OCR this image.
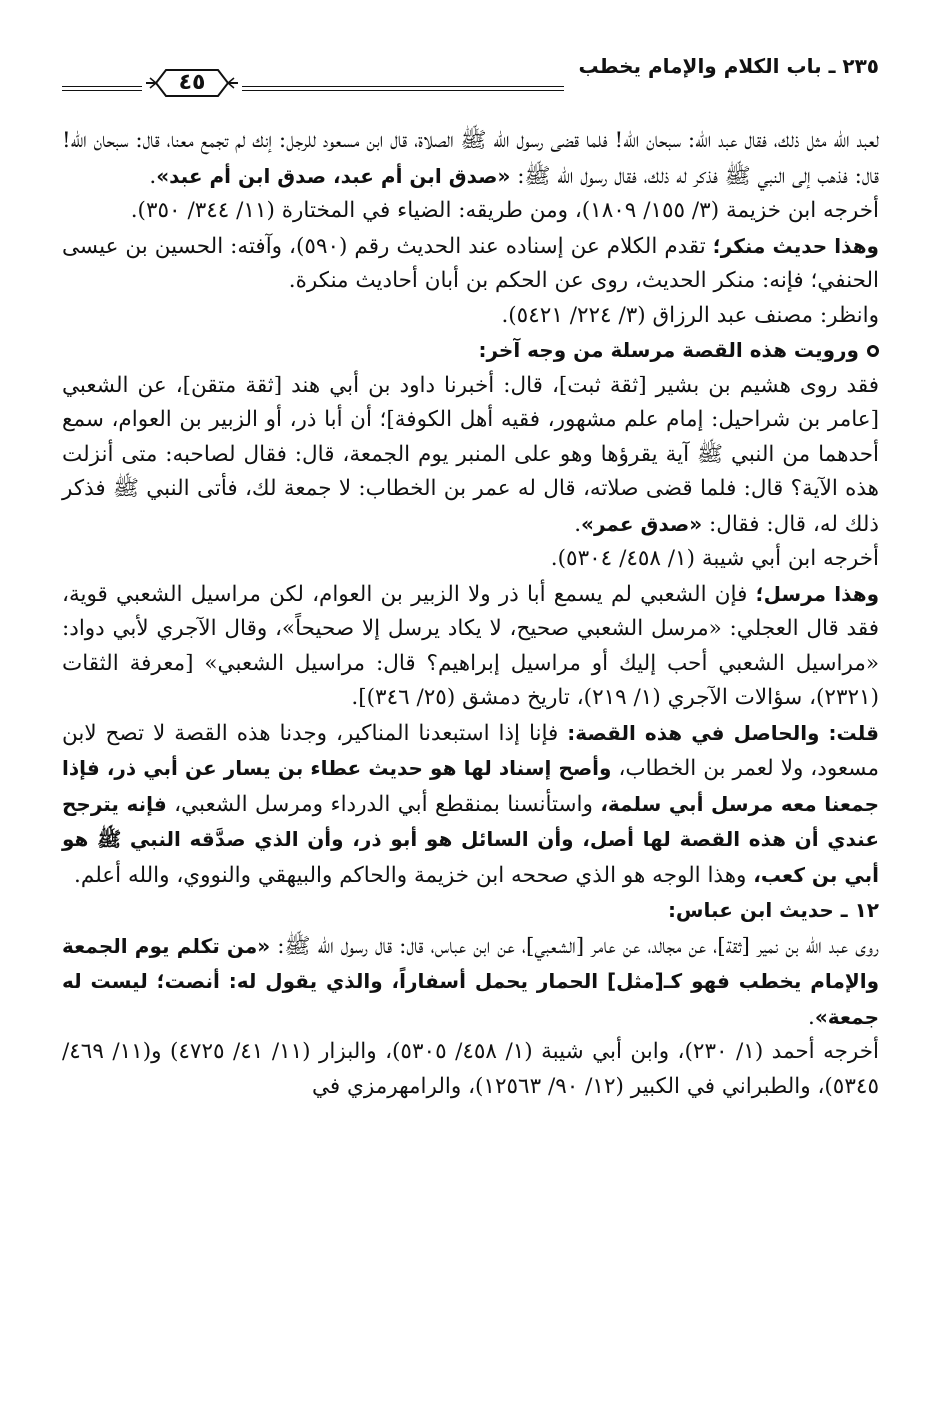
٢٣٥ ـ باب الكلام والإمام يخطب
٤٥

لعبد الله مثل ذلك، فقال عبد الله: سبحان الله! فلما قضى رسول الله ﷺ الصلاة، قال ابن مسعود للرجل: إنك لم تجمع معنا، قال: سبحان الله! قال: فذهب إلى النبي ﷺ فذكر له ذلك، فقال رسول الله ﷺ: «صدق ابن أم عبد، صدق ابن أم عبد».

أخرجه ابن خزيمة (٣/ ١٥٥/ ١٨٠٩)، ومن طريقه: الضياء في المختارة (١١/ ٣٤٤/ ٣٥٠).

وهذا حديث منكر؛ تقدم الكلام عن إسناده عند الحديث رقم (٥٩٠)، وآفته: الحسين بن عيسى الحنفي؛ فإنه: منكر الحديث، روى عن الحكم بن أبان أحاديث منكرة.

وانظر: مصنف عبد الرزاق (٣/ ٢٢٤/ ٥٤٢١).

ورويت هذه القصة مرسلة من وجه آخر:

فقد روى هشيم بن بشير [ثقة ثبت]، قال: أخبرنا داود بن أبي هند [ثقة متقن]، عن الشعبي [عامر بن شراحيل: إمام علم مشهور، فقيه أهل الكوفة]؛ أن أبا ذر، أو الزبير بن العوام، سمع أحدهما من النبي ﷺ آية يقرؤها وهو على المنبر يوم الجمعة، قال: فقال لصاحبه: متى أنزلت هذه الآية؟ قال: فلما قضى صلاته، قال له عمر بن الخطاب: لا جمعة لك، فأتى النبي ﷺ فذكر ذلك له، قال: فقال: «صدق عمر».

أخرجه ابن أبي شيبة (١/ ٤٥٨/ ٥٣٠٤).

وهذا مرسل؛ فإن الشعبي لم يسمع أبا ذر ولا الزبير بن العوام، لكن مراسيل الشعبي قوية، فقد قال العجلي: «مرسل الشعبي صحيح، لا يكاد يرسل إلا صحيحاً»، وقال الآجري لأبي دواد: «مراسيل الشعبي أحب إليك أو مراسيل إبراهيم؟ قال: مراسيل الشعبي» [معرفة الثقات (٢٣٢١)، سؤالات الآجري (١/ ٢١٩)، تاريخ دمشق (٢٥/ ٣٤٦)].

قلت: والحاصل في هذه القصة: فإنا إذا استبعدنا المناكير، وجدنا هذه القصة لا تصح لابن مسعود، ولا لعمر بن الخطاب، وأصح إسناد لها هو حديث عطاء بن يسار عن أبي ذر، فإذا جمعنا معه مرسل أبي سلمة، واستأنسنا بمنقطع أبي الدرداء ومرسل الشعبي، فإنه يترجح عندي أن هذه القصة لها أصل، وأن السائل هو أبو ذر، وأن الذي صدَّقه النبي ﷺ هو أبي بن كعب، وهذا الوجه هو الذي صححه ابن خزيمة والحاكم والبيهقي والنووي، والله أعلم.

١٢ ـ حديث ابن عباس:

روى عبد الله بن نمير [ثقة]، عن مجالد، عن عامر [الشعبي]، عن ابن عباس، قال: قال رسول الله ﷺ: «من تكلم يوم الجمعة والإمام يخطب فهو كـ[مثل] الحمار يحمل أسفاراً، والذي يقول له: أنصت؛ ليست له جمعة».

أخرجه أحمد (١/ ٢٣٠)، وابن أبي شيبة (١/ ٤٥٨/ ٥٣٠٥)، والبزار (١١/ ٤١/ ٤٧٢٥) و(١١/ ٤٦٩/ ٥٣٤٥)، والطبراني في الكبير (١٢/ ٩٠/ ١٢٥٦٣)، والرامهرمزي في
